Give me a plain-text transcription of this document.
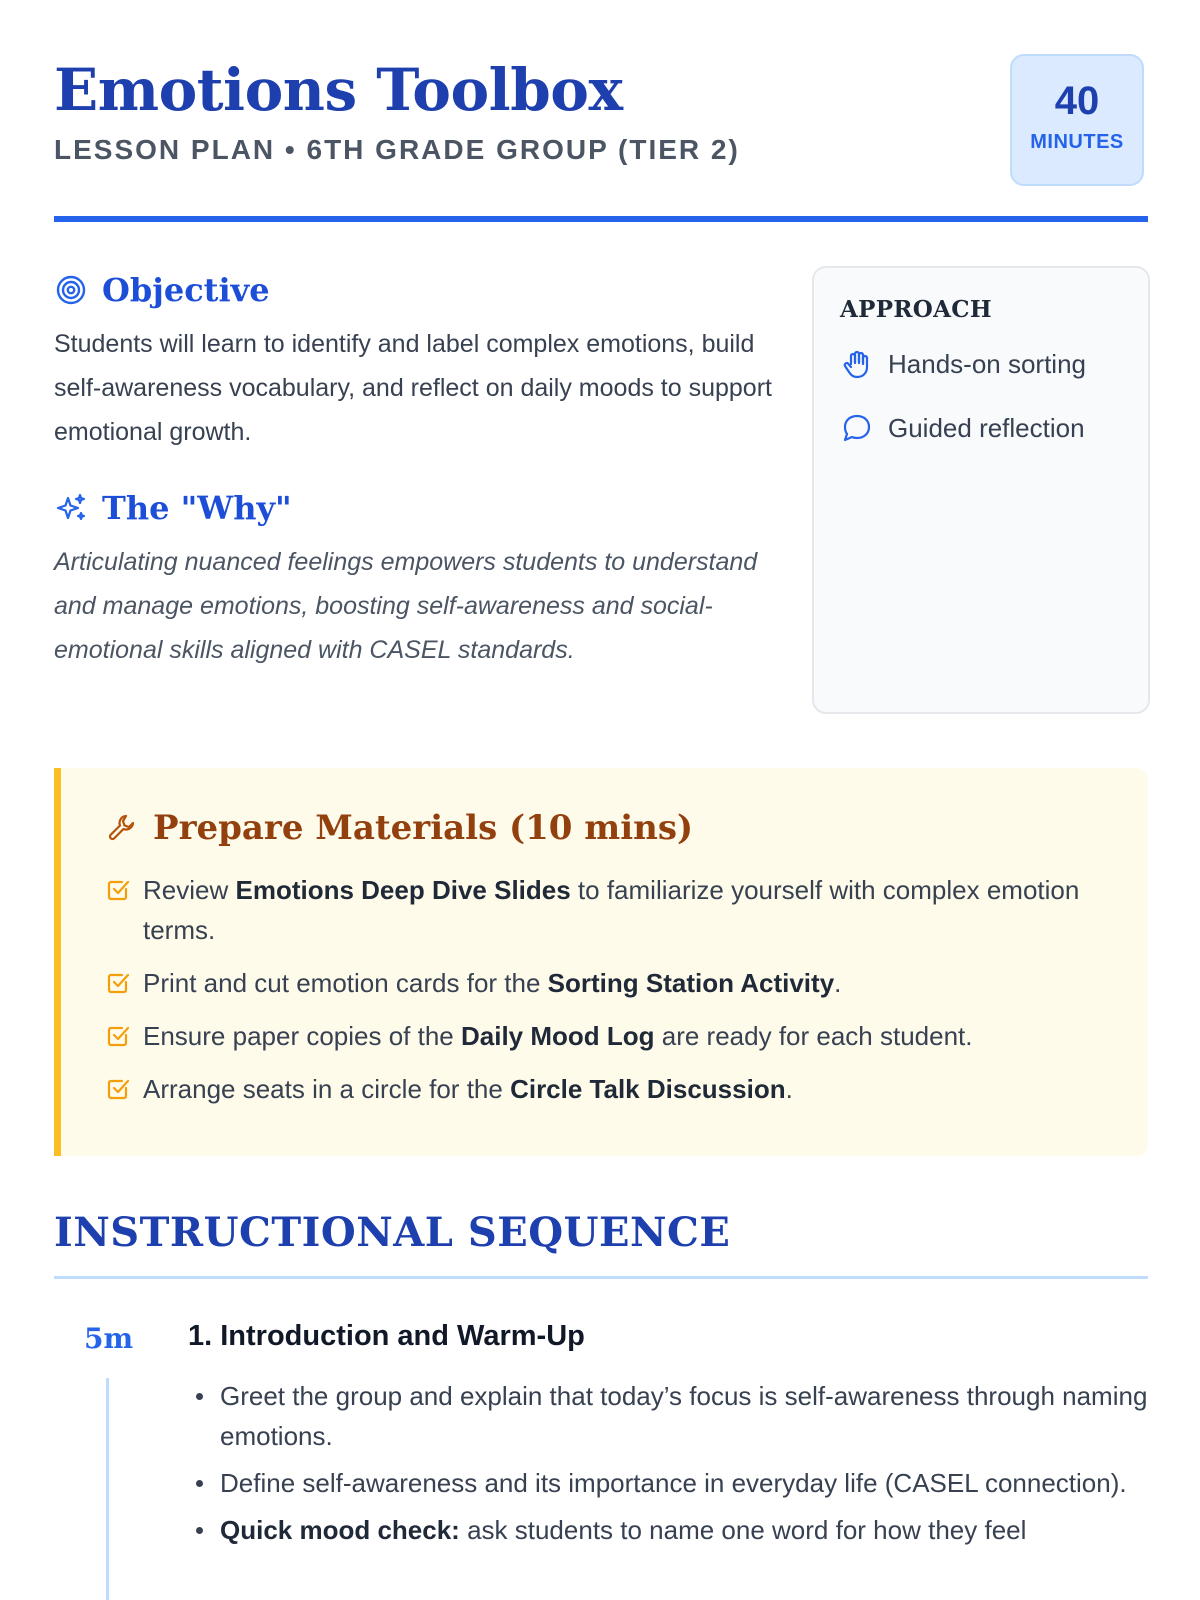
Emotions Toolbox
LESSON PLAN • 6TH GRADE GROUP (TIER 2)
40
MINUTES
Objective

Students will learn to identify and label complex emotions, build self-awareness vocabulary, and reflect on daily moods to support emotional growth.

The "Why"

Articulating nuanced feelings empowers students to understand and manage emotions, boosting self-awareness and social-emotional skills aligned with CASEL standards.

APPROACH
Hands-on sorting
Guided reflection
Prepare Materials (10 mins)
Review Emotions Deep Dive Slides to familiarize yourself with complex emotion terms.
Print and cut emotion cards for the Sorting Station Activity.
Ensure paper copies of the Daily Mood Log are ready for each student.
Arrange seats in a circle for the Circle Talk Discussion.
INSTRUCTIONAL SEQUENCE
5m 1. Introduction and Warm-Up
Greet the group and explain that today’s focus is self-awareness through naming emotions.
Define self-awareness and its importance in everyday life (CASEL connection).
Quick mood check: ask students to name one word for how they feel
